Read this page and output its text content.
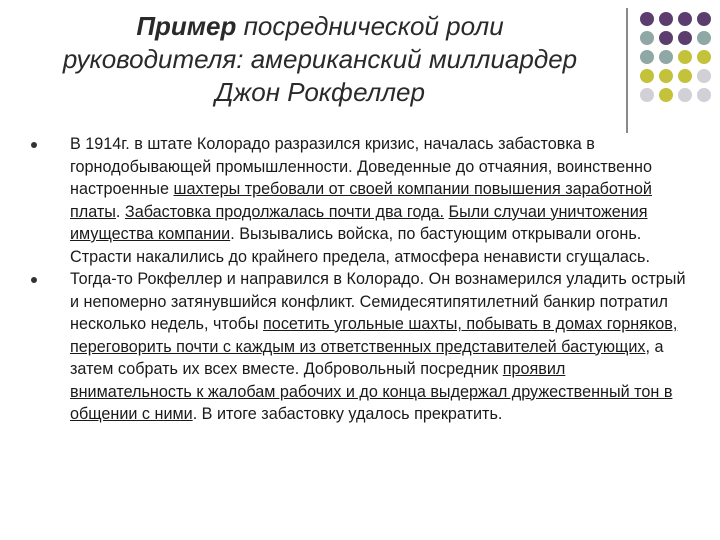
Пример посреднической роли
руководителя: американский миллиардер
Джон Рокфеллер
В 1914г. в штате Колорадо разразился кризис, началась забастовка в горнодобывающей промышленности. Доведенные до отчаяния, воинственно настроенные шахтеры требовали от своей компании повышения заработной платы. Забастовка продолжалась почти два года. Были случаи уничтожения имущества компании. Вызывались войска, по бастующим открывали огонь. Страсти накалились до крайнего предела, атмосфера ненависти сгущалась.
Тогда-то Рокфеллер и направился в Колорадо. Он вознамерился уладить острый и непомерно затянувшийся конфликт. Семидесятипятилетний банкир потратил несколько недель, чтобы посетить угольные шахты, побывать в домах горняков, переговорить почти с каждым из ответственных представителей бастующих, а затем собрать их всех вместе. Добровольный посредник проявил внимательность к жалобам рабочих и до конца выдержал дружественный тон в общении с ними. В итоге забастовку удалось прекратить.
